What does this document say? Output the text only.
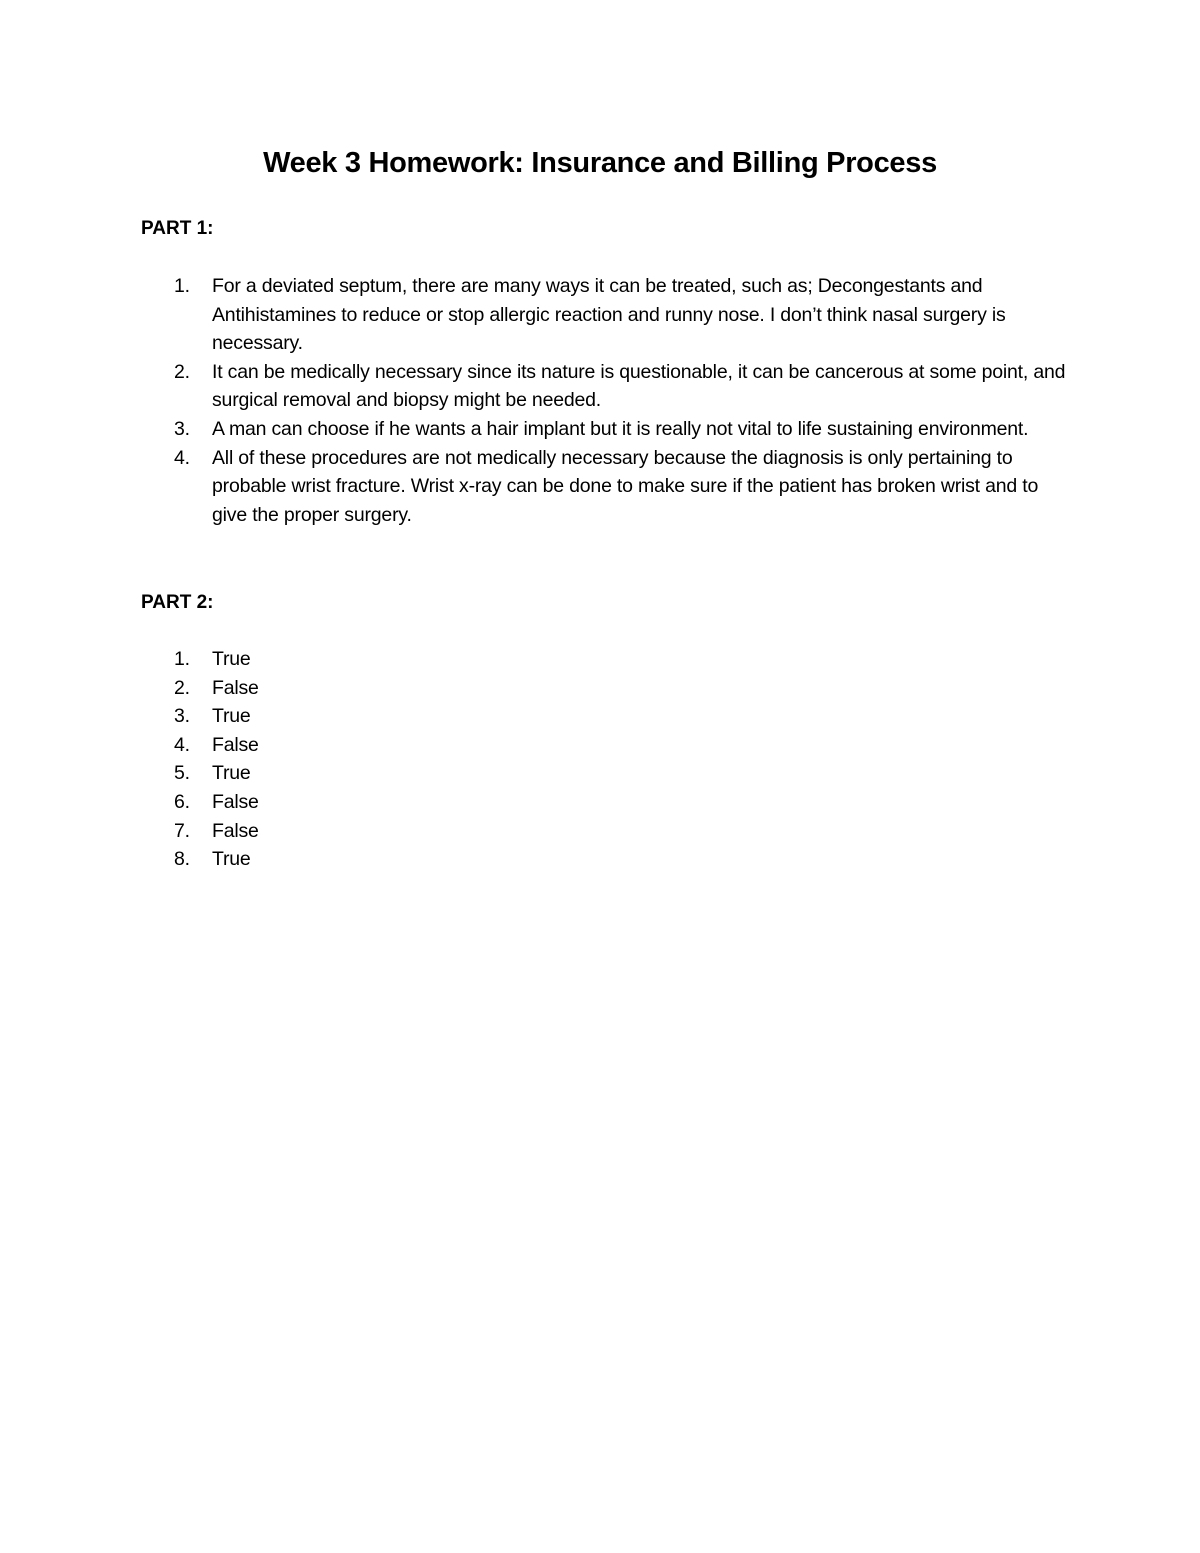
Week 3 Homework: Insurance and Billing Process
PART 1:
1. For a deviated septum, there are many ways it can be treated, such as; Decongestants and Antihistamines to reduce or stop allergic reaction and runny nose. I don’t think nasal surgery is necessary.
2. It can be medically necessary since its nature is questionable, it can be cancerous at some point, and surgical removal and biopsy might be needed.
3. A man can choose if he wants a hair implant but it is really not vital to life sustaining environment.
4. All of these procedures are not medically necessary because the diagnosis is only pertaining to probable wrist fracture. Wrist x-ray can be done to make sure if the patient has broken wrist and to give the proper surgery.
PART 2:
1. True
2. False
3. True
4. False
5. True
6. False
7. False
8. True
